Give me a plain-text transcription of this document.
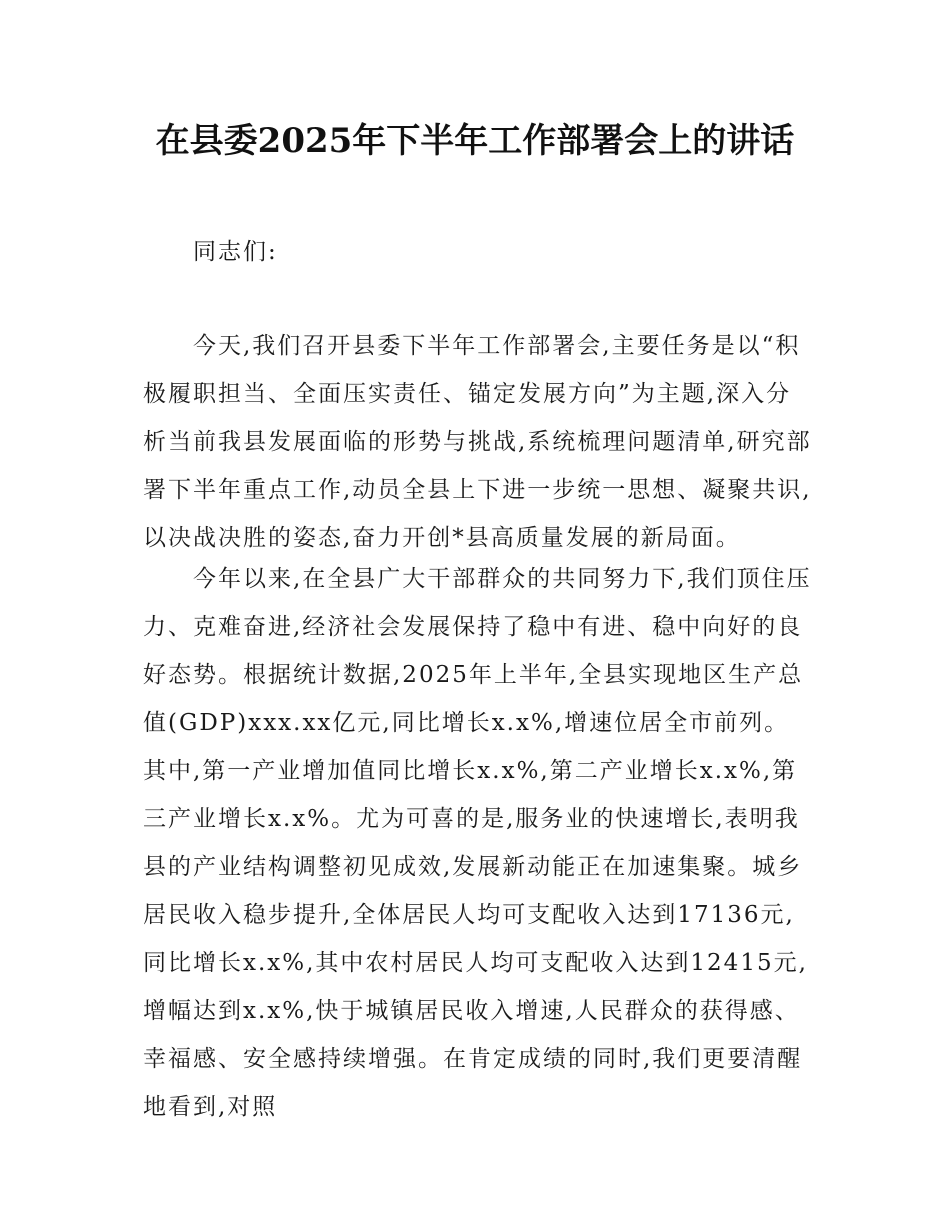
在县委2025年下半年工作部署会上的讲话

同志们:

今天,我们召开县委下半年工作部署会,主要任务是以“积极履职担当、全面压实责任、锚定发展方向”为主题,深入分析当前我县发展面临的形势与挑战,系统梳理问题清单,研究部署下半年重点工作,动员全县上下进一步统一思想、凝聚共识,以决战决胜的姿态,奋力开创*县高质量发展的新局面。

今年以来,在全县广大干部群众的共同努力下,我们顶住压力、克难奋进,经济社会发展保持了稳中有进、稳中向好的良好态势。根据统计数据,2025年上半年,全县实现地区生产总值(GDP)xxx.xx亿元,同比增长x.x%,增速位居全市前列。其中,第一产业增加值同比增长x.x%,第二产业增长x.x%,第三产业增长x.x%。尤为可喜的是,服务业的快速增长,表明我县的产业结构调整初见成效,发展新动能正在加速集聚。城乡居民收入稳步提升,全体居民人均可支配收入达到17136元,同比增长x.x%,其中农村居民人均可支配收入达到12415元,增幅达到x.x%,快于城镇居民收入增速,人民群众的获得感、幸福感、安全感持续增强。在肯定成绩的同时,我们更要清醒地看到,对照
